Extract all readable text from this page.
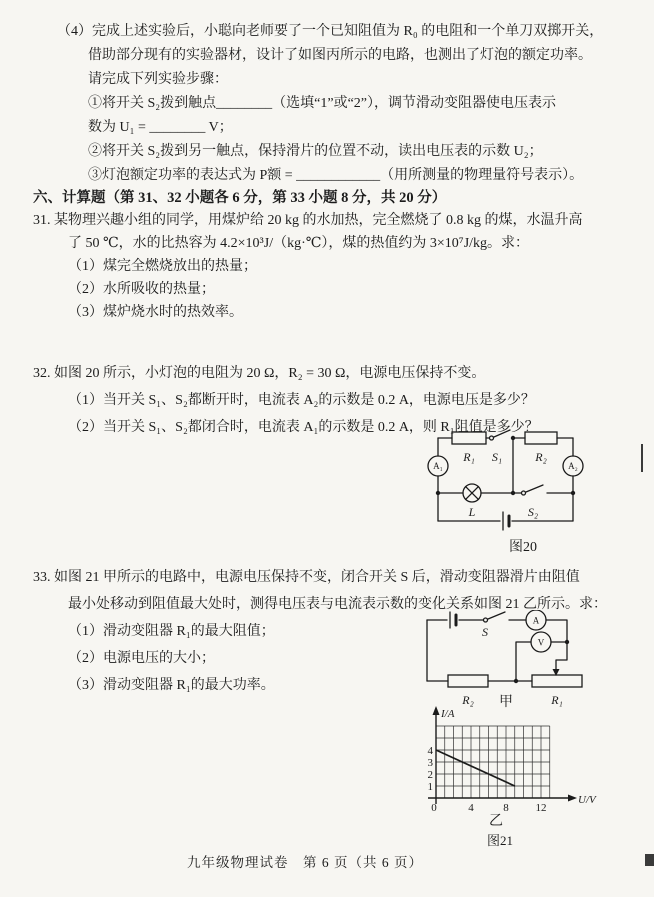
（4）完成上述实验后，小聪向老师要了一个已知阻值为 R₀ 的电阻和一个单刀双掷开关，
借助部分现有的实验器材，设计了如图丙所示的电路，也测出了灯泡的额定功率。
请完成下列实验步骤：
①将开关 S₂拨到触点________（选填“1”或“2”），调节滑动变阻器使电压表示
数为 U₁ = ________ V；
②将开关 S₂拨到另一触点，保持滑片的位置不动，读出电压表的示数 U₂；
③灯泡额定功率的表达式为 P额 = ____________（用所测量的物理量符号表示）。
六、计算题（第 31、32 小题各 6 分，第 33 小题 8 分，共 20 分）
31. 某物理兴趣小组的同学，用煤炉给 20 kg 的水加热，完全燃烧了 0.8 kg 的煤，水温升高
了 50 ℃，水的比热容为 4.2×10³J/（kg·℃），煤的热值约为 3×10⁷J/kg。求：
（1）煤完全燃烧放出的热量；
（2）水所吸收的热量；
（3）煤炉烧水时的热效率。
32. 如图 20 所示，小灯泡的电阻为 20 Ω，R₂ = 30 Ω，电源电压保持不变。
（1）当开关 S₁、S₂都断开时，电流表 A₂的示数是 0.2 A，电源电压是多少？
（2）当开关 S₁、S₂都闭合时，电流表 A₁的示数是 0.2 A，则 R₁阻值是多少？
R₁ S₁	R₂
A₁	A₂
L	S₂
图20
33. 如图 21 甲所示的电路中，电源电压保持不变，闭合开关 S 后，滑动变阻器滑片由阻值
最小处移动到阻值最大处时，测得电压表与电流表示数的变化关系如图 21 乙所示。求：
（1）滑动变阻器 R₁的最大阻值；
（2）电源电压的大小；
（3）滑动变阻器 R₁的最大功率。
S
A
V
R₂	R₁
甲
4
3
2
1
0	4	8 12
I/A
U/V
乙
图21
九年级物理试卷　第 6 页（共 6 页）
